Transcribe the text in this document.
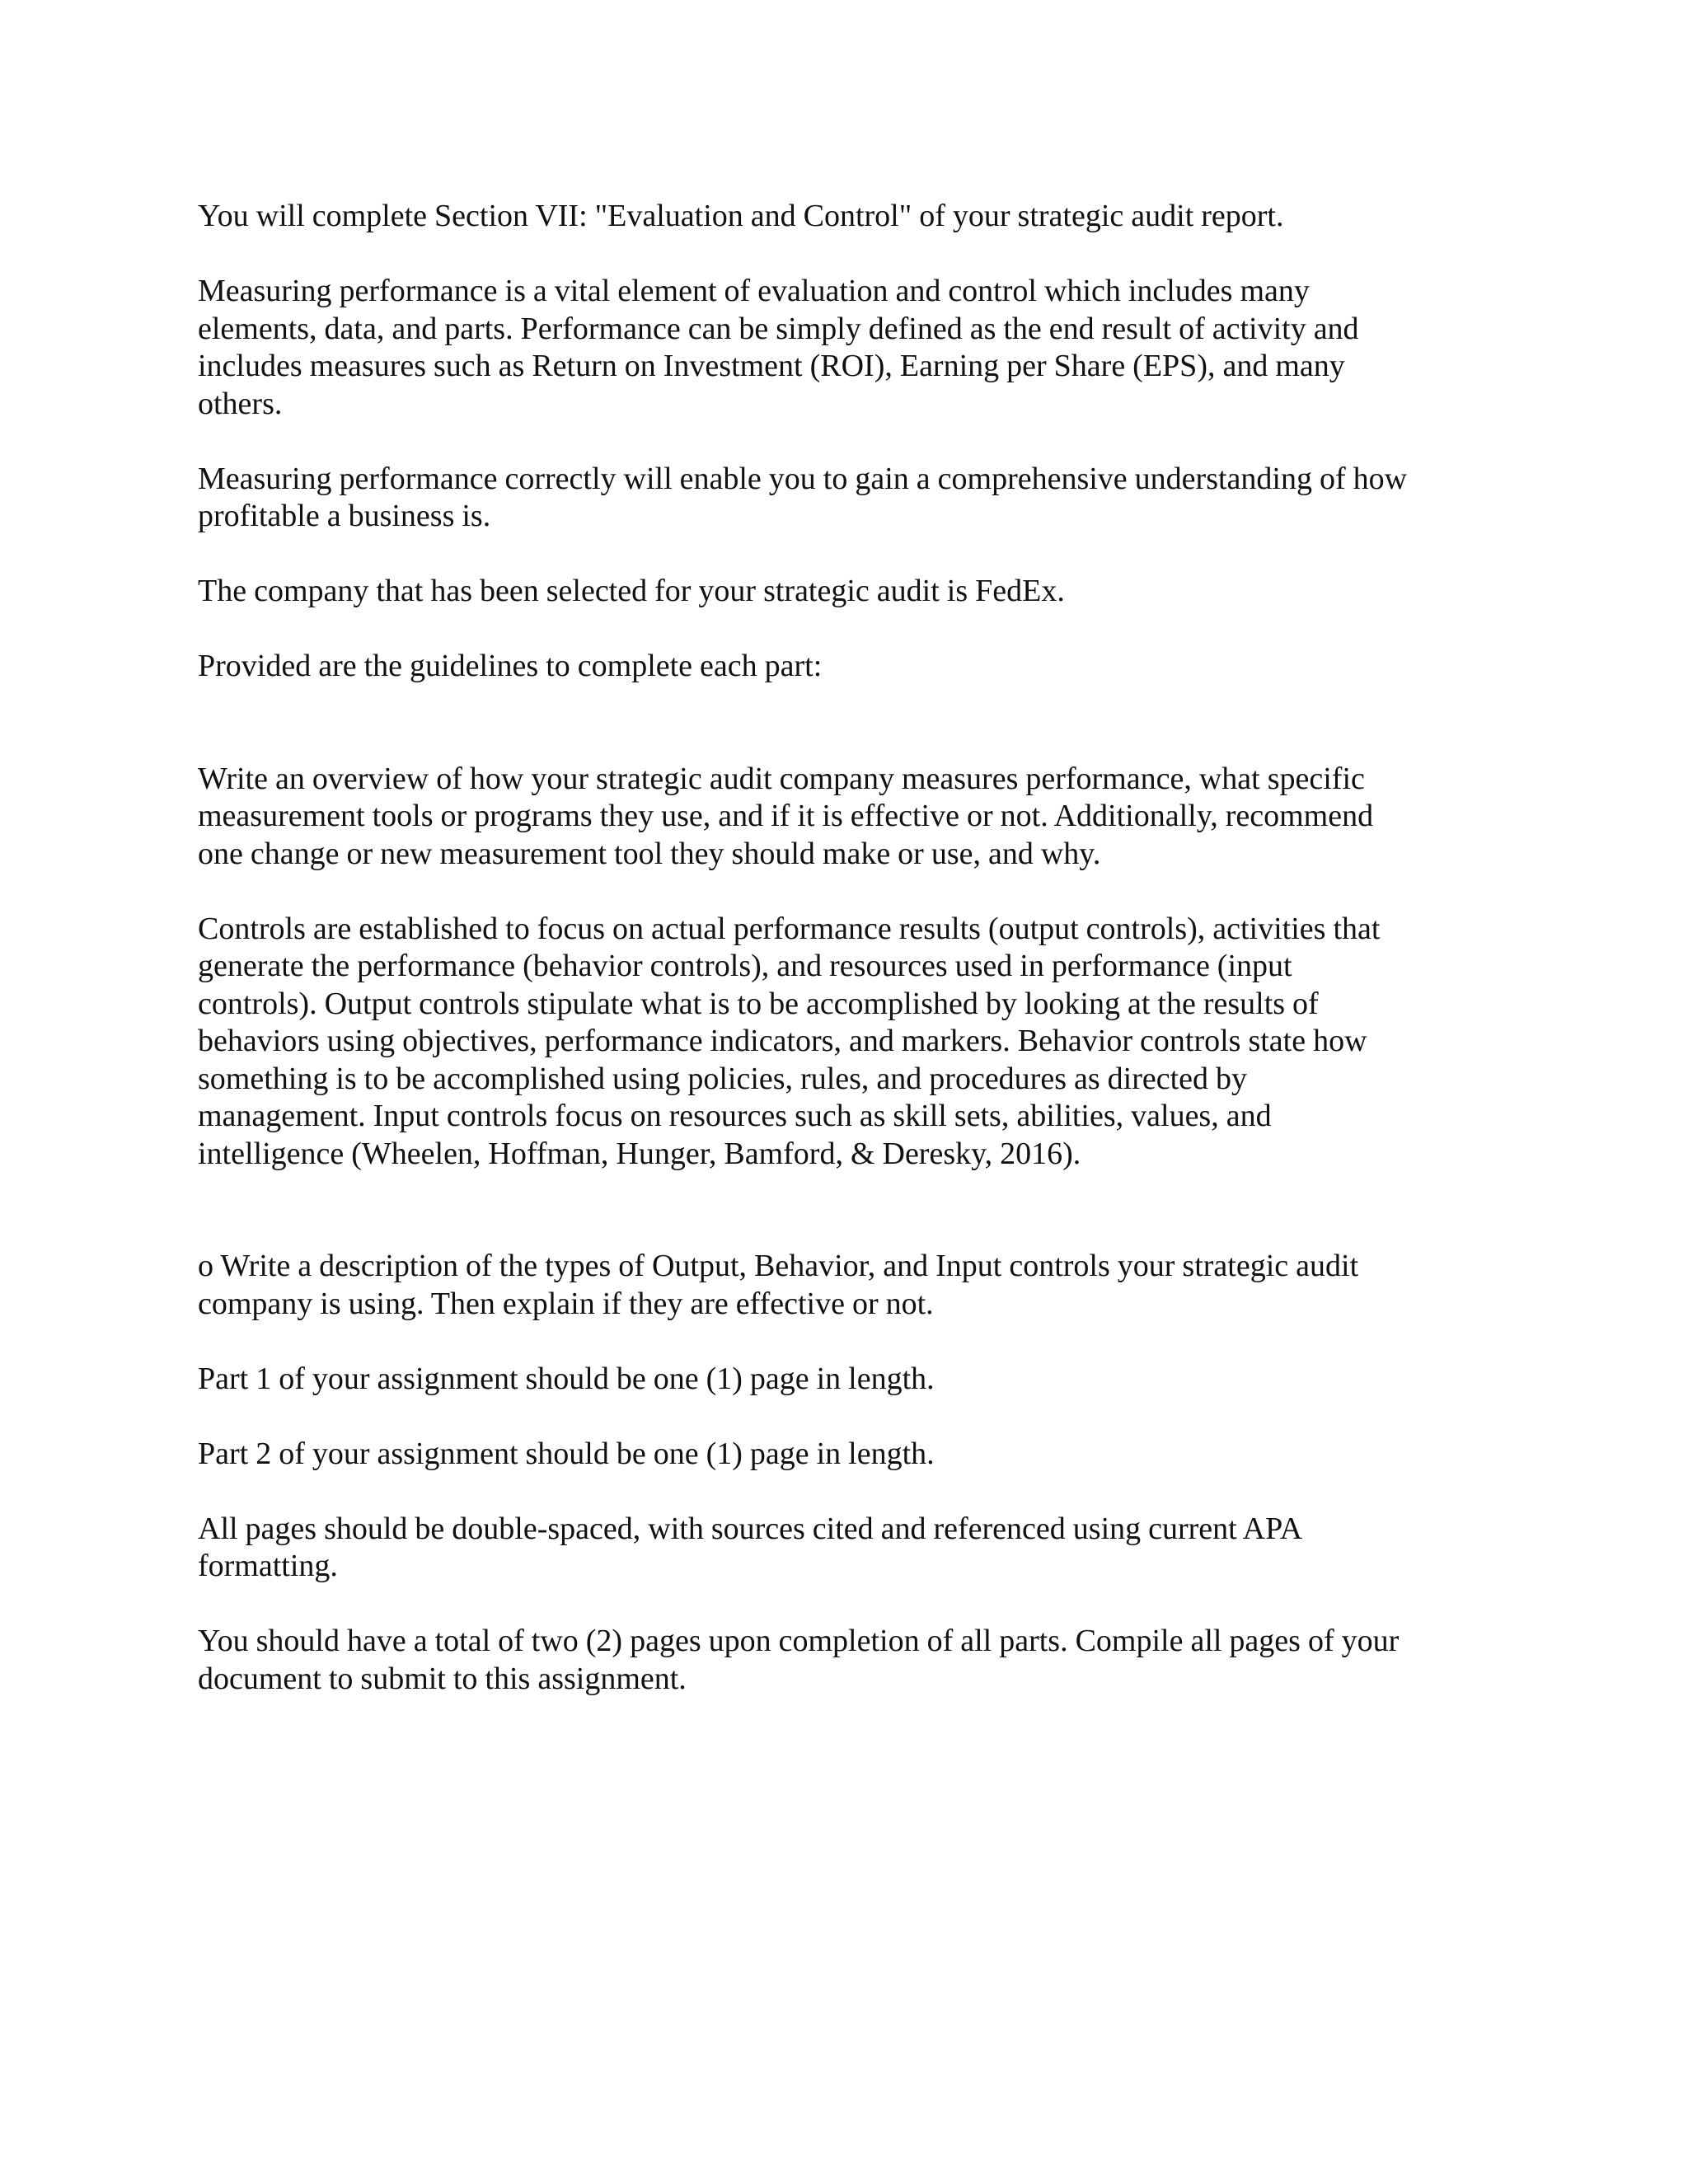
You will complete Section VII: "Evaluation and Control" of your strategic audit report.

Measuring performance is a vital element of evaluation and control which includes many
elements, data, and parts. Performance can be simply defined as the end result of activity and
includes measures such as Return on Investment (ROI), Earning per Share (EPS), and many
others.

Measuring performance correctly will enable you to gain a comprehensive understanding of how
profitable a business is.

The company that has been selected for your strategic audit is FedEx.

Provided are the guidelines to complete each part:

Write an overview of how your strategic audit company measures performance, what specific
measurement tools or programs they use, and if it is effective or not. Additionally, recommend
one change or new measurement tool they should make or use, and why.

Controls are established to focus on actual performance results (output controls), activities that
generate the performance (behavior controls), and resources used in performance (input
controls). Output controls stipulate what is to be accomplished by looking at the results of
behaviors using objectives, performance indicators, and markers. Behavior controls state how
something is to be accomplished using policies, rules, and procedures as directed by
management. Input controls focus on resources such as skill sets, abilities, values, and
intelligence (Wheelen, Hoffman, Hunger, Bamford, & Deresky, 2016).

o Write a description of the types of Output, Behavior, and Input controls your strategic audit
company is using. Then explain if they are effective or not.

Part 1 of your assignment should be one (1) page in length.

Part 2 of your assignment should be one (1) page in length.

All pages should be double-spaced, with sources cited and referenced using current APA
formatting.

You should have a total of two (2) pages upon completion of all parts. Compile all pages of your
document to submit to this assignment.
